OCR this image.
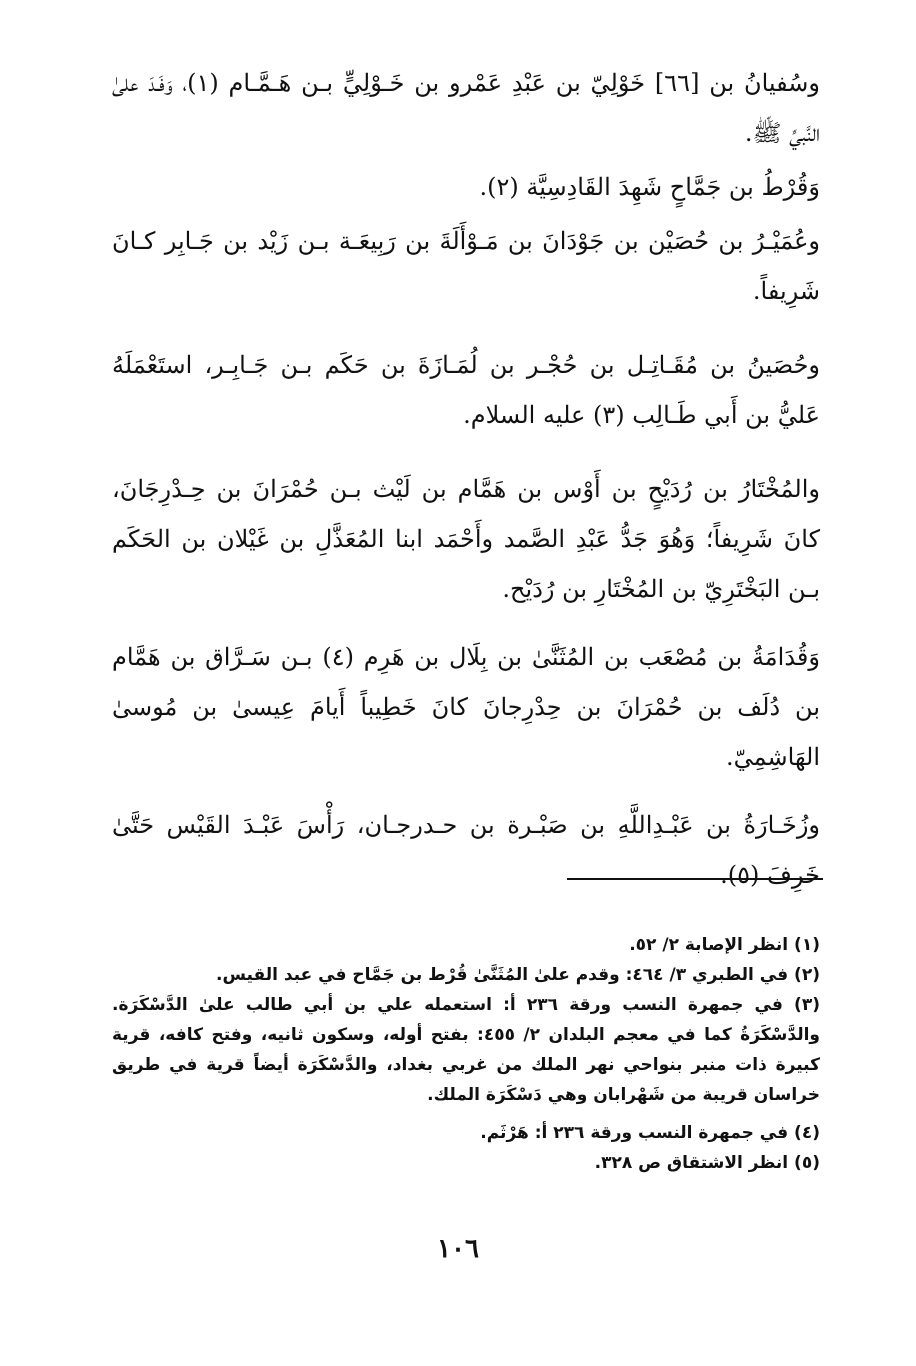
وسُفيانُ بن [٦٦] خَوْلِيّ بن عَبْدِ عَمْرو بن خَـوْلِيٍّ بـن هَـمَّـام (١)، وَفَـدَ علىٰ النَّبيِّ ﷺ.

وَقُرْطُ بن جَمَّاحٍ شَهِدَ القَادِسِيَّة (٢).

وعُمَيْـرُ بن حُصَيْن بن جَوْدَانَ بن مَـوْأَلَةَ بن رَبِيعَـة بـن زَيْد بن جَـابِر كـانَ شَرِيفاً.

وحُصَينُ بن مُقَـاتِـل بن حُجْـر بن لُمَـازَةَ بن حَكَم بـن جَـابِـر، استَعْمَلَهُ عَليُّ بن أَبي طَـالِب (٣) عليه السلام.

والمُخْتَارُ بن رُدَيْحٍ بن أَوْس بن هَمَّام بن لَيْث بـن حُمْرَانَ بن حِـدْرِجَانَ، كانَ شَرِيفاً؛ وَهُوَ جَدُّ عَبْدِ الصَّمد وأَحْمَد ابنا المُعَذَّلِ بن غَيْلان بن الحَكَم بـن البَخْتَرِيّ بن المُخْتَارِ بن رُدَيْح.

وَقُدَامَةُ بن مُصْعَب بن المُثَنَّىٰ بن بِلَال بن هَرِم (٤) بـن سَـرَّاق بن هَمَّام بن دُلَف بن حُمْرَانَ بن حِدْرِجانَ كانَ خَطِيباً أَيامَ عِيسىٰ بن مُوسىٰ الهَاشِمِيّ.

وزُخَـارَةُ بن عَبْـدِاللَّهِ بن صَبْـرة بن حـدرجـان، رَأْسَ عَبْـدَ القَيْس حَتَّىٰ خَرِفَ (٥).

(١) انظر الإصابة ٢/ ٥٢.

(٢) في الطبري ٣/ ٤٦٤: وقدم علىٰ المُثَنَّىٰ قُرْط بن جَمَّاح في عبد القيس.

(٣) في جمهرة النسب ورقة ٢٣٦ أ: استعمله علي بن أبي طالب علىٰ الدَّسْكَرَة. والدَّسْكَرَةُ كما في معجم البلدان ٢/ ٤٥٥: بفتح أوله، وسكون ثانيه، وفتح كافه، قرية كبيرة ذات منبر بنواحي نهر الملك من غربي بغداد، والدَّسْكَرَة أيضاً قرية في طريق خراسان قريبة من شَهْرابان وهي دَسْكَرَة الملك.

(٤) في جمهرة النسب ورقة ٢٣٦ أ: هَرْثَم.

(٥) انظر الاشتقاق ص ٣٢٨.

١٠٦
